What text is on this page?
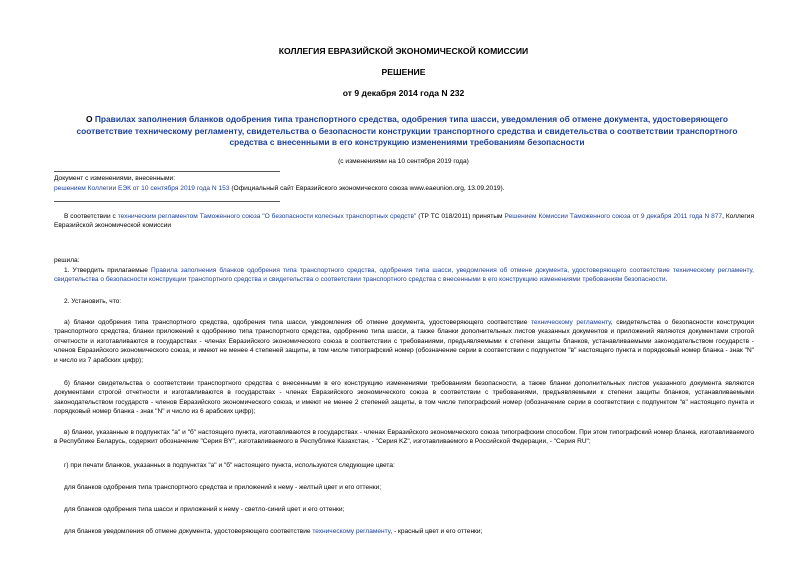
КОЛЛЕГИЯ ЕВРАЗИЙСКОЙ ЭКОНОМИЧЕСКОЙ КОМИССИИ
РЕШЕНИЕ
от 9 декабря 2014 года N 232
О Правилах заполнения бланков одобрения типа транспортного средства, одобрения типа шасси, уведомления об отмене документа, удостоверяющего соответствие техническому регламенту, свидетельства о безопасности конструкции транспортного средства и свидетельства о соответствии транспортного средства с внесенными в его конструкцию изменениями требованиям безопасности
(с изменениями на 10 сентября 2019 года)
Документ с изменениями, внесенными:
решением Коллегии ЕЭК от 10 сентября 2019 года N 153 (Официальный сайт Евразийского экономического союза www.eaeunion.org, 13.09.2019).
В соответствии с техническим регламентом Таможенного союза "О безопасности колесных транспортных средств" (ТР ТС 018/2011) принятым Решением Комиссии Таможенного союза от 9 декабря 2011 года N 877, Коллегия Евразийской экономической комиссии
решила:
1. Утвердить прилагаемые Правила заполнения бланков одобрения типа транспортного средства, одобрения типа шасси, уведомления об отмене документа, удостоверяющего соответствие техническому регламенту, свидетельства о безопасности конструкции транспортного средства и свидетельства о соответствии транспортного средства с внесенными в его конструкцию изменениями требованиям безопасности.
2. Установить, что:
а) бланки одобрения типа транспортного средства, одобрения типа шасси, уведомления об отмене документа, удостоверяющего соответствие техническому регламенту, свидетельства о безопасности конструкции транспортного средства, бланки приложений к одобрению типа транспортного средства, одобрению типа шасси, а также бланки дополнительных листов указанных документов и приложений являются документами строгой отчетности и изготавливаются в государствах - членах Евразийского экономического союза в соответствии с требованиями, предъявляемыми к степени защиты бланков, устанавливаемыми законодательством государств - членов Евразийского экономического союза, и имеют не менее 4 степеней защиты, в том числе типографский номер (обозначение серии в соответствии с подпунктом "в" настоящего пункта и порядковый номер бланка - знак "N" и число из 7 арабских цифр);
б) бланки свидетельства о соответствии транспортного средства с внесенными в его конструкцию изменениями требованиям безопасности, а также бланки дополнительных листов указанного документа являются документами строгой отчетности и изготавливаются в государствах - членах Евразийского экономического союза в соответствии с требованиями, предъявляемыми к степени защиты бланков, устанавливаемыми законодательством государств - членов Евразийского экономического союза, и имеют не менее 2 степеней защиты, в том числе типографский номер (обозначение серии в соответствии с подпунктом "в" настоящего пункта и порядковый номер бланка - знак "N" и число из 6 арабских цифр);
в) бланки, указанные в подпунктах "а" и "б" настоящего пункта, изготавливаются в государствах - членах Евразийского экономического союза типографским способом. При этом типографский номер бланка, изготавливаемого в Республике Беларусь, содержит обозначение "Серия BY", изготавливаемого в Республике Казахстан, - "Серия KZ", изготавливаемого в Российской Федерации, - "Серия RU";
г) при печати бланков, указанных в подпунктах "а" и "б" настоящего пункта, используются следующие цвета:
для бланков одобрения типа транспортного средства и приложений к нему - желтый цвет и его оттенки;
для бланков одобрения типа шасси и приложений к нему - светло-синий цвет и его оттенки;
для бланков уведомления об отмене документа, удостоверяющего соответствие техническому регламенту, - красный цвет и его оттенки;
